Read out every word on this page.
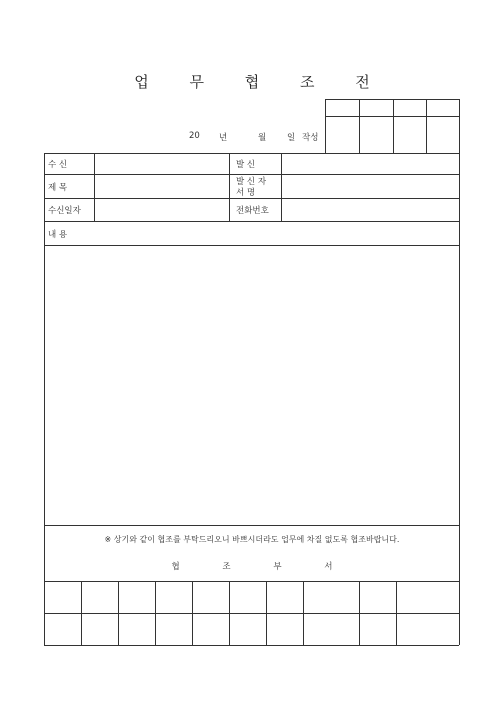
업 무 협 조 전
20 년	월 일 작성
수 신
제 목
수신일자
발 신
발 신 자
서 명
전화번호
내 용
※ 상기와 같이 협조를 부탁드리오니 바쁘시더라도 업무에 차질 없도록 협조바랍니다.
협 조 부 서
